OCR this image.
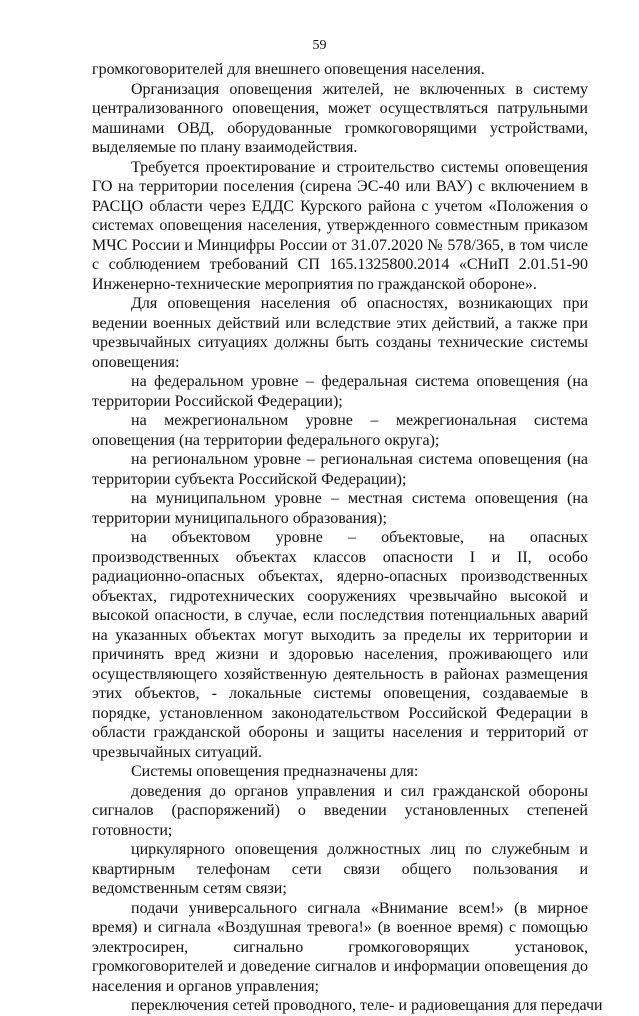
59

громкоговорителей для внешнего оповещения населения.

Организация оповещения жителей, не включенных в систему централизованного оповещения, может осуществляться патрульными машинами ОВД, оборудованные громкоговорящими устройствами, выделяемые по плану взаимодействия.

Требуется проектирование и строительство системы оповещения ГО на территории поселения (сирена ЭС-40 или ВАУ) с включением в РАСЦО области через ЕДДС Курского района с учетом «Положения о системах оповещения населения, утвержденного совместным приказом МЧС России и Минцифры России от 31.07.2020 № 578/365, в том числе с соблюдением требований СП 165.1325800.2014 «СНиП 2.01.51-90 Инженерно-технические мероприятия по гражданской обороне».

Для оповещения населения об опасностях, возникающих при ведении военных действий или вследствие этих действий, а также при чрезвычайных ситуациях должны быть созданы технические системы оповещения:

на федеральном уровне – федеральная система оповещения (на территории Российской Федерации);

на межрегиональном уровне – межрегиональная система оповещения (на территории федерального округа);

на региональном уровне – региональная система оповещения (на территории субъекта Российской Федерации);

на муниципальном уровне – местная система оповещения (на территории муниципального образования);

на объектовом уровне – объектовые, на опасных производственных объектах классов опасности I и II, особо радиационно-опасных объектах, ядерно-опасных производственных объектах, гидротехнических сооружениях чрезвычайно высокой и высокой опасности, в случае, если последствия потенциальных аварий на указанных объектах могут выходить за пределы их территории и причинять вред жизни и здоровью населения, проживающего или осуществляющего хозяйственную деятельность в районах размещения этих объектов, - локальные системы оповещения, создаваемые в порядке, установленном законодательством Российской Федерации в области гражданской обороны и защиты населения и территорий от чрезвычайных ситуаций.

Системы оповещения предназначены для:

доведения до органов управления и сил гражданской обороны сигналов (распоряжений) о введении установленных степеней готовности;

циркулярного оповещения должностных лиц по служебным и квартирным телефонам сети связи общего пользования и ведомственным сетям связи;

подачи универсального сигнала «Внимание всем!» (в мирное время) и сигнала «Воздушная тревога!» (в военное время) с помощью электросирен, сигнально громкоговорящих установок, громкоговорителей и доведение сигналов и информации оповещения до населения и органов управления;

переключения сетей проводного, теле- и радиовещания для передачи
